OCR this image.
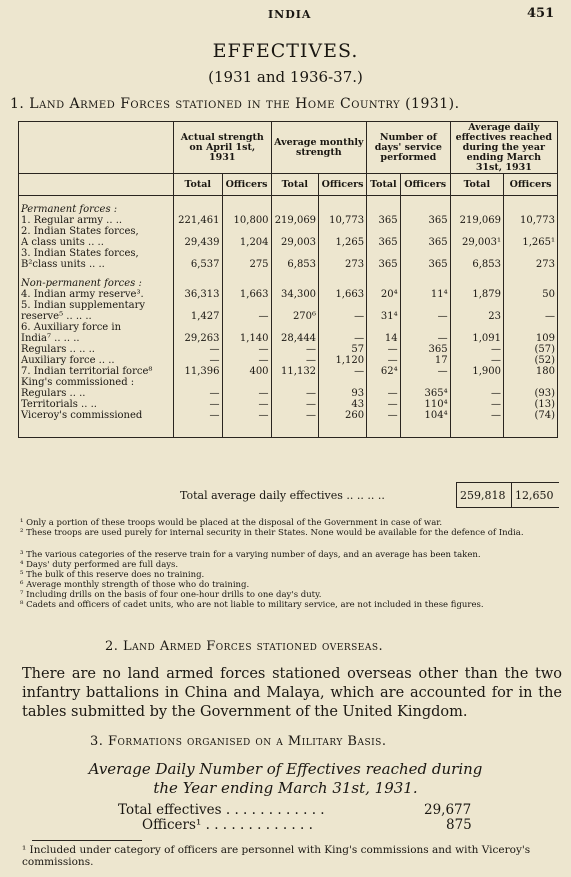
INDIA	451
EFFECTIVES.
(1931 and 1936-37.)
1. Land Armed Forces stationed in the Home Country (1931).
	Actual strength on April 1st, 1931		Average monthly strength		Number of days' service performed		Average daily effectives reached during the year ending March 31st, 1931	
	Total	Officers	Total	Officers	Total	Officers	Total	Officers
Permanent forces :								
1. Regular army .. ..	221,461	10,800	219,069	10,773	365	365	219,069	10,773
2. Indian States forces,								
A class units .. ..	29,439	1,204	29,003	1,265	365	365	29,003¹	1,265¹
3. Indian States forces,								
B²class units .. ..	6,537	275	6,853	273	365	365	6,853	273
Non-permanent forces :								
4. Indian army reserve³.	36,313	1,663	34,300	1,663	20⁴	11⁴	1,879	50
5. Indian supplementary								
reserve⁵ .. .. ..	1,427	—	270⁶	—	31⁴	—	23	—
6. Auxiliary force in								
India⁷ .. .. ..	29,263	1,140	28,444	—	14	—	1,091	109
Regulars .. .. ..	—	—	—	57	—	365	—	(57)
Auxiliary force .. ..	—	—	—	1,120	—	17	—	(52)
7. Indian territorial force⁸	11,396	400	11,132	—	62⁴	—	1,900	180
King's commissioned :								
Regulars .. ..	—	—	—	93	—	365⁴	—	(93)
Territorials .. ..	—	—	—	43	—	110⁴	—	(13)
Viceroy's commissioned	—	—	—	260	—	104⁴	—	(74)

Total average daily effectives .. .. .. ..	259,818 12,650
¹ Only a portion of these troops would be placed at the disposal of the Government in case of war.
² These troops are used purely for internal security in their States. None would be available for the defence of India.
³ The various categories of the reserve train for a varying number of days, and an average has been taken.
⁴ Days' duty performed are full days.
⁵ The bulk of this reserve does no training.
⁶ Average monthly strength of those who do training.
⁷ Including drills on the basis of four one-hour drills to one day's duty.
⁸ Cadets and officers of cadet units, who are not liable to military service, are not included in these figures.
2. Land Armed Forces stationed overseas.
There are no land armed forces stationed overseas other than the two infantry battalions in China and Malaya, which are accounted for in the tables submitted by the Government of the United Kingdom.
3. Formations organised on a Military Basis.
Average Daily Number of Effectives reached during
the Year ending March 31st, 1931.
Total effectives . . . . . . . . . . . .	29,677
Officers¹ . . . . . . . . . . . . .	875
¹ Included under category of officers are personnel with King's commissions and with Viceroy's commissions.
